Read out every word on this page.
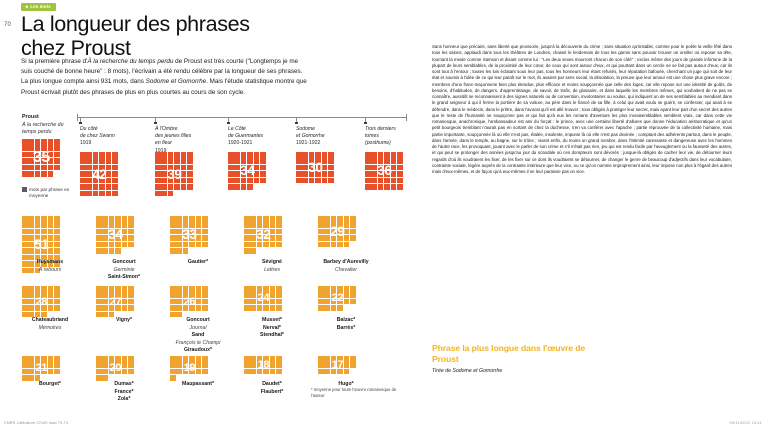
★ Les mots
70 La longueur des phrases
chez Proust

Si la première phrase d'À la recherche du temps perdu de Proust est très courte ("Longtemps je me suis couché de bonne heure" : 8 mots), l'écrivain a été rendu célèbre par la longueur de ses phrases. La plus longue compte ainsi 931 mots, dans Sodome et Gomorrhe. Mais l'étude statistique montre que Proust écrivait plutôt des phrases de plus en plus courtes au cours de son cycle.

Proust
À la recherche du temps perdu
mots par phrase en moyenne
* moyenne pour toute l'œuvre romanesque de l'auteur
CNRS Littérature 27x30 indd 70-71
35
42	39	34	30	36
51
34	33	32	29
28	27	26	24	22
21	20	19	18	17
Du côté
de chez Swann
1919
À l'Ombre
des jeunes filles
en fleur
1919
Le Côté
de Guermantes
1920-1921
Sodome
et Gomorrhe
1921-1922
Trois derniers
tomes
(posthume)
Huysmans
À rebours
Goncourt
Germinie
Saint-Simon*
Gautier*	Sévigné
Lettres
Barbey d'Aurevilly
Chevalier
Chateaubriand
Mémoires
Vigny*	Goncourt
Journal
Sand
François le Champi
Giraudoux*
Musset*
Nerval*
Stendhal*
Balzac*
Barrès*
Bourget*	Dumas*
France*
Zola*
Maupassant*	Daudet*
Flaubert*
Hugo*

Sans honneur que précaire, sans liberté que provisoire, jusqu'à la découverte du crime ; sans situation qu'instable, comme pour le poète la veille fêté dans tous les salons, applaudi dans tous les théâtres de Londres, chassé le lendemain de tous les garnis sans pouvoir trouver un oreiller où reposer sa tête, tournant la meule comme Samson et disant comme lui : "Les deux sexes mourront chacun de son côté" ; exclus même des jours de grande infortune de la plupart de leurs semblables, de la proximité de leur cœur, de ceux qui sont autour d'eux, et qui pourtant dans un cercle ne se fait pas autour d'eux, car ils sont tout à l'entour ; toutes les lois éclatant sous leur pas, tous les honneurs leur étant refusés, leur réputation bafouée, cherchant un juge qui soit de leur état et soumis à l'idée de ce qui leur paraît sur le mot, ils avaient par sens social, la désolation, la preuve que leur amour est une chose plus grave encore ; membres d'une franc-maçonnerie bien plus étendue, plus efficace et moins soupçonnée que celle des loges, car elle repose sur une identité de goûts, de besoins, d'habitudes, de dangers, d'apprentissage, de savoir, de trafic, de glossaire, et dans laquelle les membres mêmes, qui souhaitent de ne pas se connaître, aussitôt se reconnaissent à des signes naturels ou de convention, involontaires ou voulus, qui indiquent un de ses semblables au mendiant dans le grand seigneur à qui il ferme la portière de sa voiture, au père dans le fiancé de sa fille, à celui qui avait voulu se guérir, se confesser, qui avait à se défendre, dans le médecin, dans le prêtre, dans l'avocat qu'il est allé trouver ; tous obligés à protéger leur secret, mais ayant leur part d'un secret des autres que le reste de l'humanité ne soupçonne pas et qui fait qu'à eux les romans d'aventure les plus invraisemblables semblent vrais, car dans cette vie romanesque, anachronique, l'ambassadeur est ami du forçat : le prince, avec une certaine liberté d'allures que donne l'éducation aristocratique et qu'un petit bourgeois tremblant n'aurait pas en sortant de chez la duchesse, s'en va conférer avec l'apache ; partie réprouvée de la collectivité humaine, mais partie importante, soupçonnée là où elle n'est pas, étalée, insolente, impunie là où elle n'est pas devinée ; comptant des adhérents partout, dans le peuple, dans l'armée, dans le temple, au bagne, sur le trône ; vivant enfin, du moins un grand nombre, dans l'intimité caressante et dangereuse avec les hommes de l'autre race, les provoquant, jouant avec le parler de son crime et s'il n'était pas rien, jeu qui est rendu facile par l'aveuglement ou la fausseté des autres, et qui peut se prolonger des années jusqu'au jour du scandale où ces dompteurs sont dévorés ; jusque-là obligés de cacher leur vie, de détourner leurs regards d'où ils voudraient les fixer, de les fixer sur ce dont ils voudraient se détourner, de changer le genre de beaucoup d'adjectifs dans leur vocabulaire, contrainte sociale, légère auprès de la contrainte intérieure que leur vice, ou ce qu'on nomme improprement ainsi, leur impose non plus à l'égard des autres mais d'eux-mêmes, et de façon qu'à eux-mêmes il ne leur paraisse pas un vice.

Phrase la plus longue dans l'œuvre de Proust
Tirée de Sodome et Gomorrhe
09/11/2022 13:41
